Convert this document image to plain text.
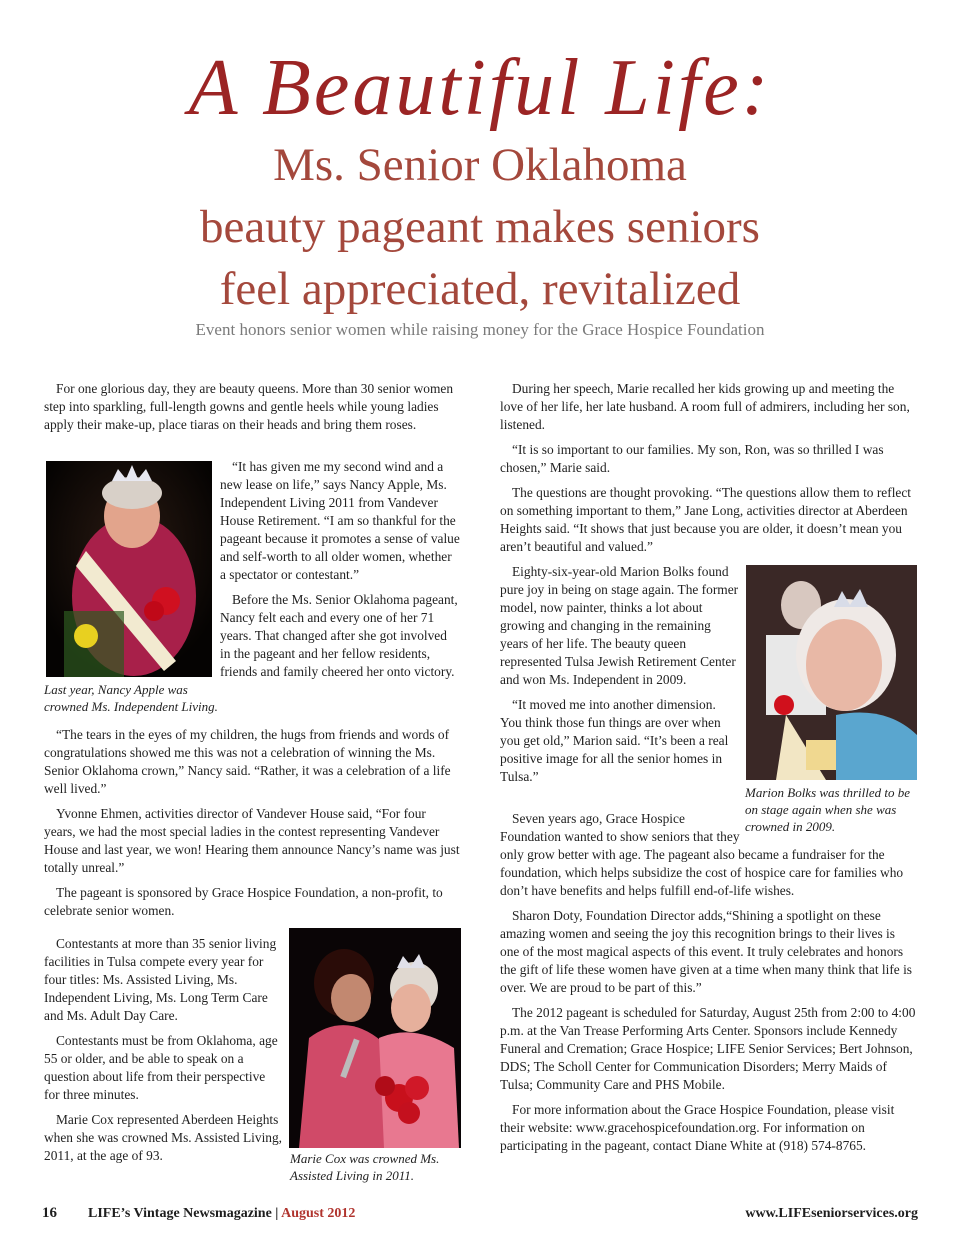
A Beautiful Life:
Ms. Senior Oklahoma
beauty pageant makes seniors
feel appreciated, revitalized
Event honors senior women while raising money for the Grace Hospice Foundation

For one glorious day, they are beauty queens. More than 30 senior women step into sparkling, full-length gowns and gentle heels while young ladies apply their make-up, place tiaras on their heads and bring them roses.

Last year, Nancy Apple was crowned Ms. Independent Living.

“It has given me my second wind and a new lease on life,” says Nancy Apple, Ms. Independent Living 2011 from Vandever House Retirement. “I am so thankful for the pageant because it promotes a sense of value and self-worth to all older women, whether a spectator or contestant.”

Before the Ms. Senior Oklahoma pageant, Nancy felt each and every one of her 71 years. That changed after she got involved in the pageant and her fellow residents, friends and family cheered her onto victory.

“The tears in the eyes of my children, the hugs from friends and words of congratulations showed me this was not a celebration of winning the Ms. Senior Oklahoma crown,” Nancy said. “Rather, it was a celebration of a life well lived.”

Yvonne Ehmen, activities director of Vandever House said, “For four years, we had the most special ladies in the contest representing Vandever House and last year, we won! Hearing them announce Nancy’s name was just totally unreal.”

The pageant is sponsored by Grace Hospice Foundation, a non-profit, to celebrate senior women.

Contestants at more than 35 senior living facilities in Tulsa compete every year for four titles: Ms. Assisted Living, Ms. Independent Living, Ms. Long Term Care and Ms. Adult Day Care.

Contestants must be from Oklahoma, age 55 or older, and be able to speak on a question about life from their perspective for three minutes.

Marie Cox represented Aberdeen Heights when she was crowned Ms. Assisted Living, 2011, at the age of 93.	Marie Cox was crowned Ms. Assisted Living in 2011.

During her speech, Marie recalled her kids growing up and meeting the love of her life, her late husband. A room full of admirers, including her son, listened.

“It is so important to our families. My son, Ron, was so thrilled I was chosen,” Marie said.

The questions are thought provoking. “The questions allow them to reflect on something important to them,” Jane Long, activities director at Aberdeen Heights said. “It shows that just because you are older, it doesn’t mean you aren’t beautiful and valued.”

Eighty-six-year-old Marion Bolks found pure joy in being on stage again. The former model, now painter, thinks a lot about growing and changing in the remaining years of her life. The beauty queen represented Tulsa Jewish Retirement Center and won Ms. Independent in 2009.

“It moved me into another dimension. You think those fun things are over when you get old,” Marion said. “It’s been a real positive image for all the senior homes in Tulsa.”

Marion Bolks was thrilled to be on stage again when she was crowned in 2009.

Seven years ago, Grace Hospice Foundation wanted to show seniors that they only grow better with age. The pageant also became a fundraiser for the foundation, which helps subsidize the cost of hospice care for families who don’t have benefits and helps fulfill end-of-life wishes.

Sharon Doty, Foundation Director adds,“Shining a spotlight on these amazing women and seeing the joy this recognition brings to their lives is one of the most magical aspects of this event. It truly celebrates and honors the gift of life these women have given at a time when many think that life is over. We are proud to be part of this.”

The 2012 pageant is scheduled for Saturday, August 25th from 2:00 to 4:00 p.m. at the Van Trease Performing Arts Center. Sponsors include Kennedy Funeral and Cremation; Grace Hospice; LIFE Senior Services; Bert Johnson, DDS; The Scholl Center for Communication Disorders; Merry Maids of Tulsa; Community Care and PHS Mobile.

For more information about the Grace Hospice Foundation, please visit their website: www.gracehospicefoundation.org. For information on participating in the pageant, contact Diane White at (918) 574-8765.

16 LIFE’s Vintage Newsmagazine | August 2012	www.LIFEseniorservices.org
